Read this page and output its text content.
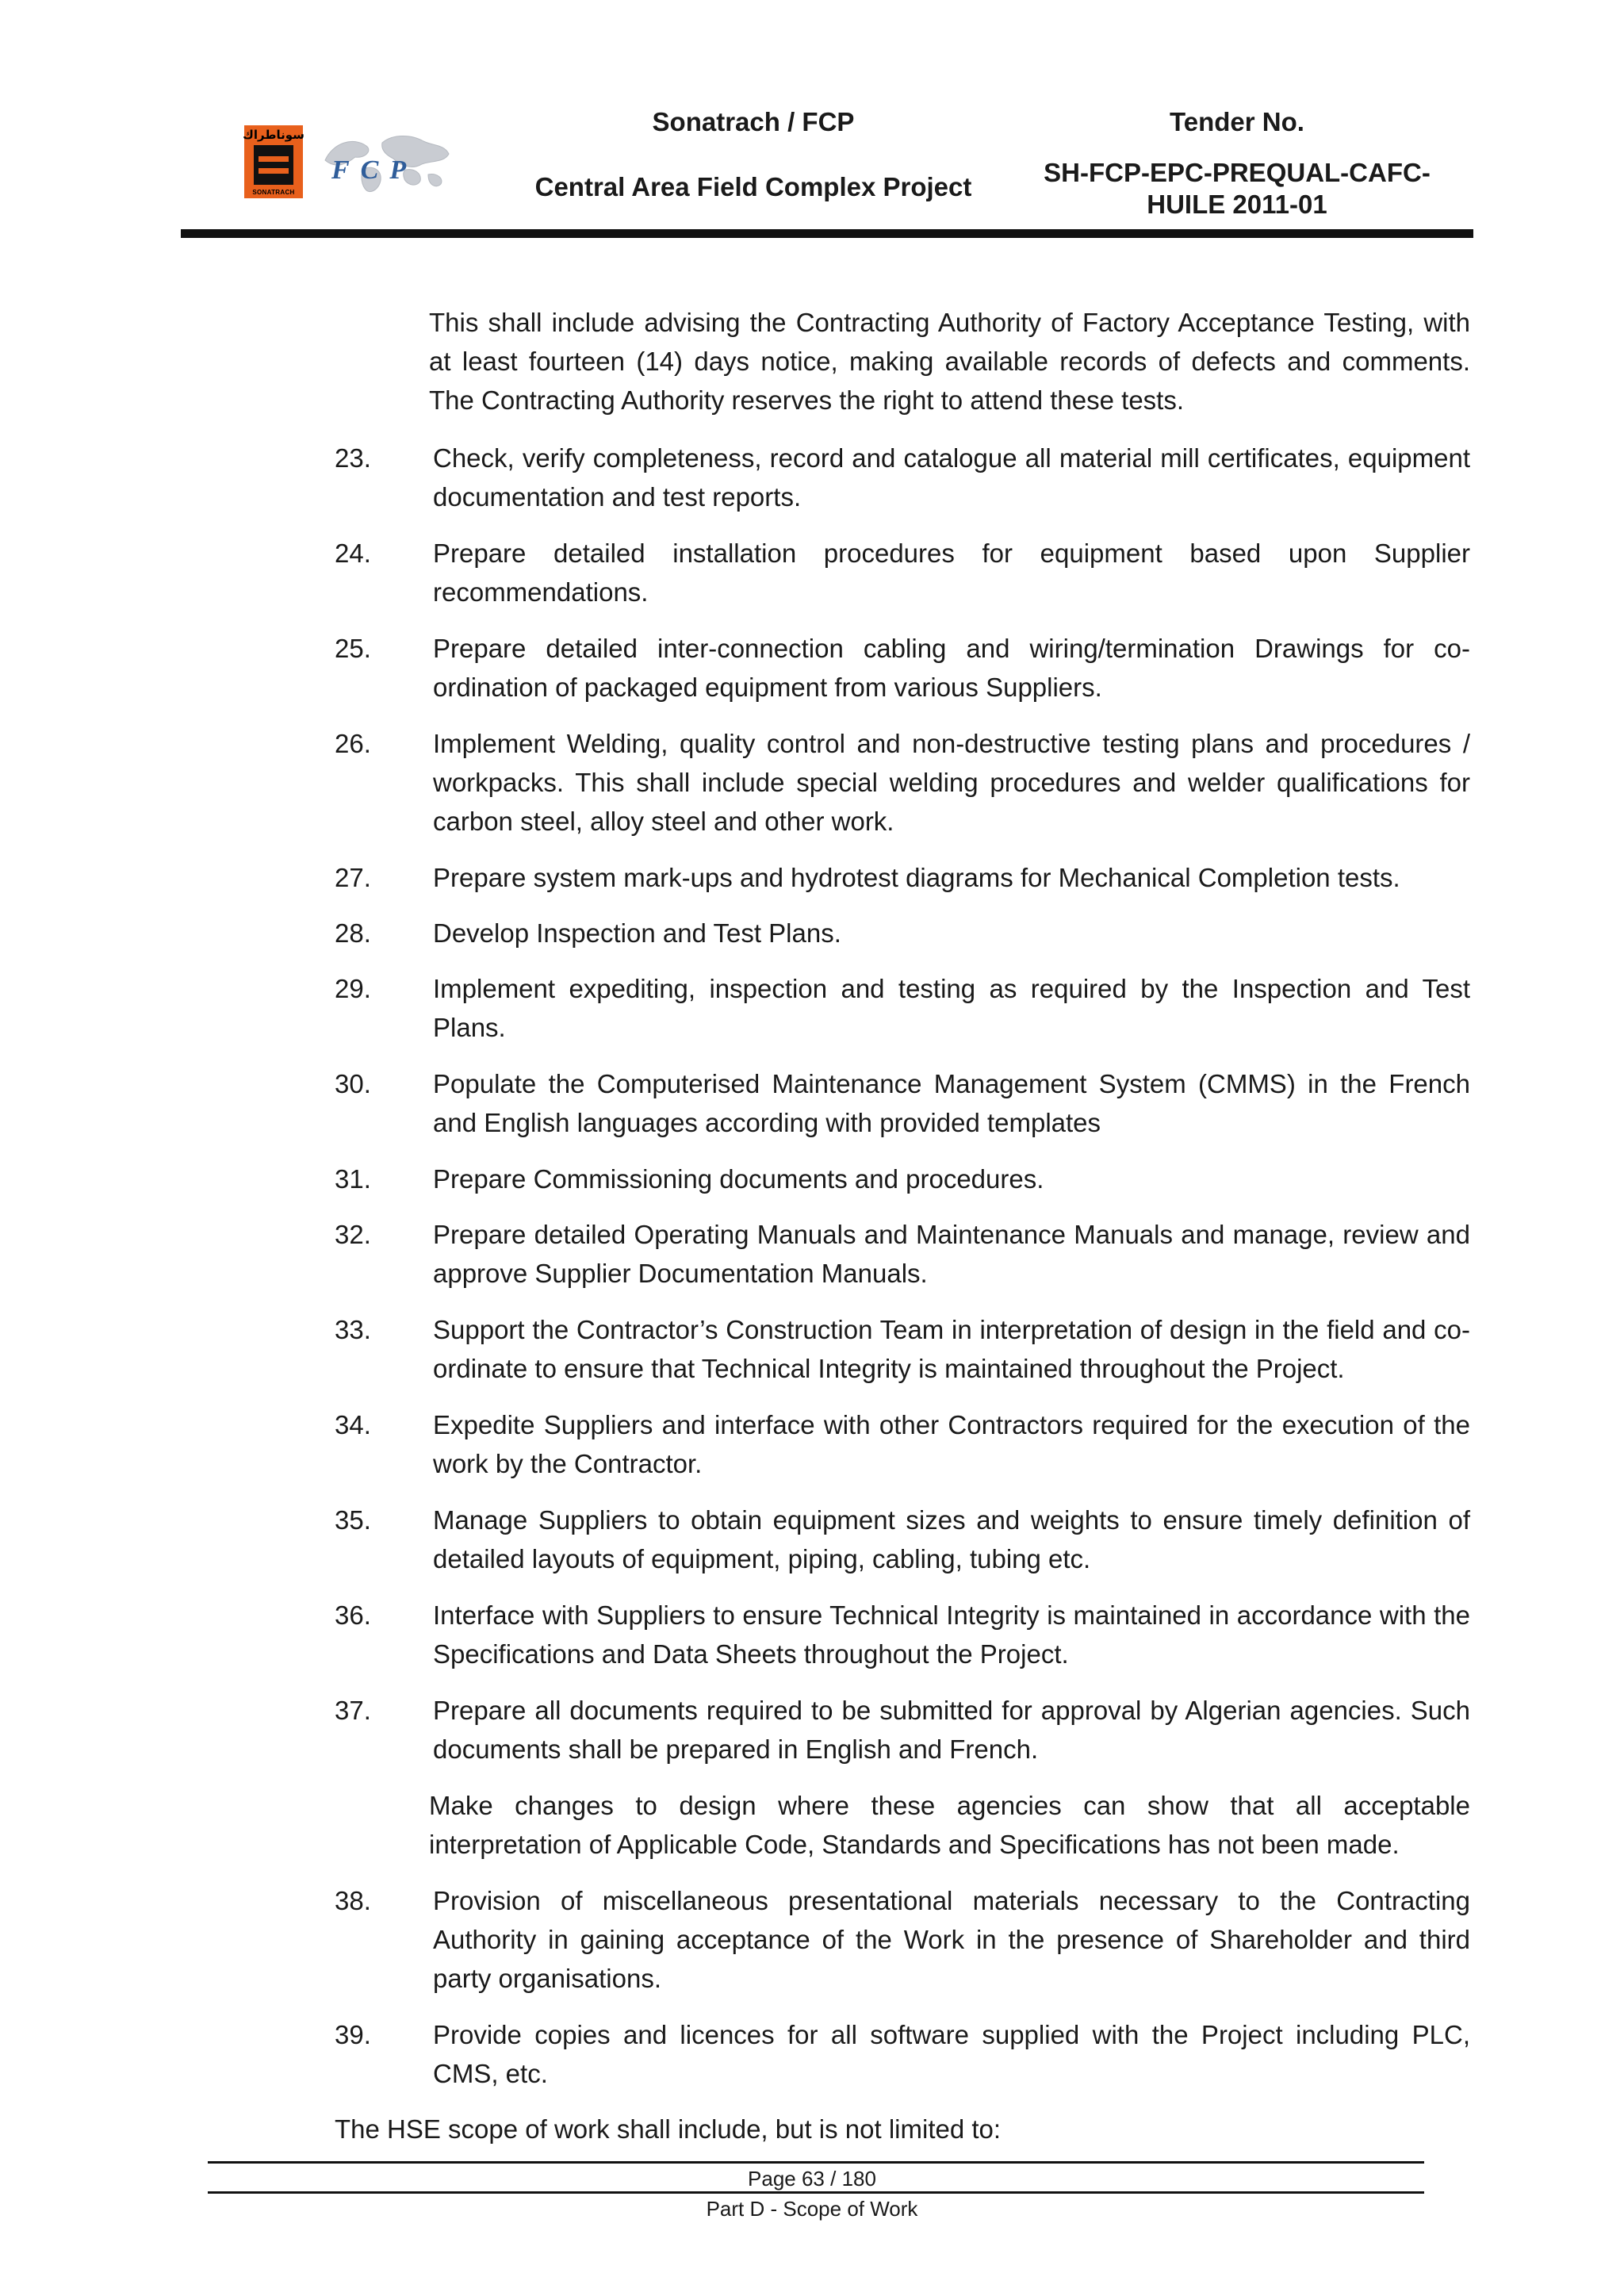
سوناطراك
SONATRACH
FCP
Sonatrach / FCP
Central Area Field Complex Project
Tender No.
SH-FCP-EPC-PREQUAL-CAFC-HUILE 2011-01
This shall include advising the Contracting Authority of Factory Acceptance Testing, with at least fourteen (14) days notice, making available records of defects and comments. The Contracting Authority reserves the right to attend these tests.
23. Check, verify completeness, record and catalogue all material mill certificates, equipment documentation and test reports.
24. Prepare detailed installation procedures for equipment based upon Supplier recommendations.
25. Prepare detailed inter-connection cabling and wiring/termination Drawings for co-ordination of packaged equipment from various Suppliers.
26. Implement Welding, quality control and non-destructive testing plans and procedures / workpacks. This shall include special welding procedures and welder qualifications for carbon steel, alloy steel and other work.
27. Prepare system mark-ups and hydrotest diagrams for Mechanical Completion tests.
28. Develop Inspection and Test Plans.
29. Implement expediting, inspection and testing as required by the Inspection and Test Plans.
30. Populate the Computerised Maintenance Management System (CMMS) in the French and English languages according with provided templates
31. Prepare Commissioning documents and procedures.
32. Prepare detailed Operating Manuals and Maintenance Manuals and manage, review and approve Supplier Documentation Manuals.
33. Support the Contractor’s Construction Team in interpretation of design in the field and co-ordinate to ensure that Technical Integrity is maintained throughout the Project.
34. Expedite Suppliers and interface with other Contractors required for the execution of the work by the Contractor.
35. Manage Suppliers to obtain equipment sizes and weights to ensure timely definition of detailed layouts of equipment, piping, cabling, tubing etc.
36. Interface with Suppliers to ensure Technical Integrity is maintained in accordance with the Specifications and Data Sheets throughout the Project.
37. Prepare all documents required to be submitted for approval by Algerian agencies. Such documents shall be prepared in English and French.
Make changes to design where these agencies can show that all acceptable interpretation of Applicable Code, Standards and Specifications has not been made.
38. Provision of miscellaneous presentational materials necessary to the Contracting Authority in gaining acceptance of the Work in the presence of Shareholder and third party organisations.
39. Provide copies and licences for all software supplied with the Project including PLC, CMS, etc.
The HSE scope of work shall include, but is not limited to:
Page 63 / 180
Part D - Scope of Work
